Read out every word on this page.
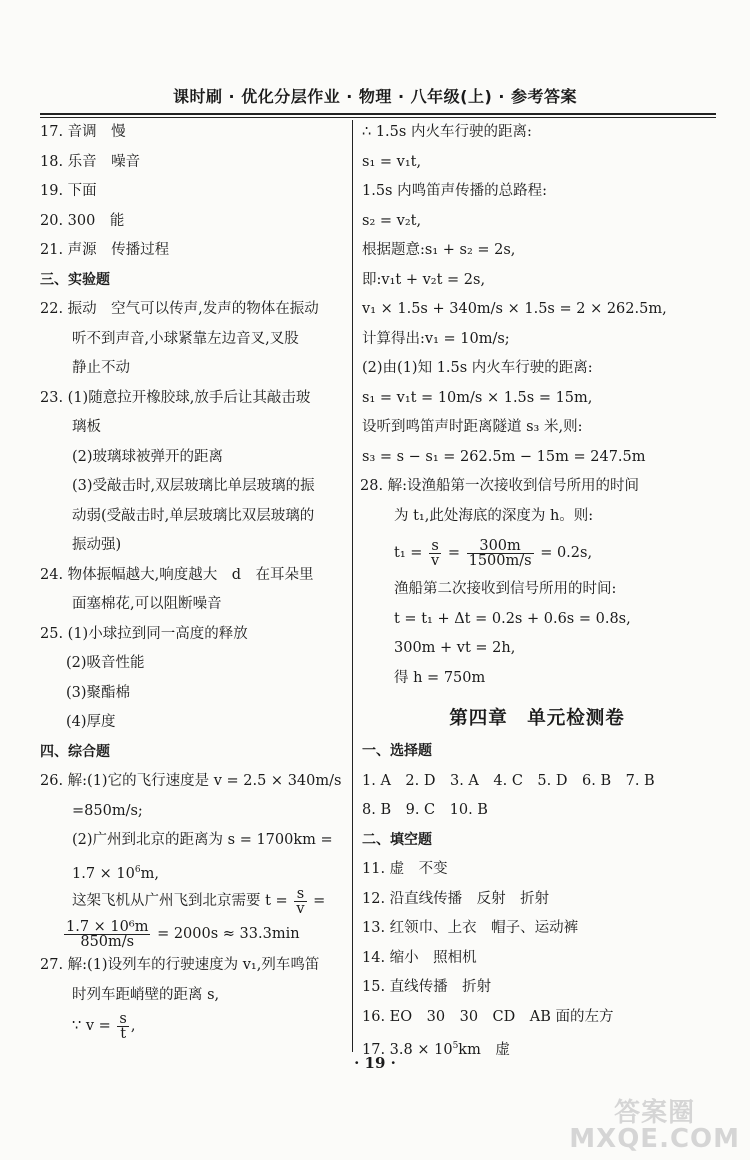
课时刷 · 优化分层作业 · 物理 · 八年级(上) · 参考答案
17. 音调　慢
18. 乐音　噪音
19. 下面
20. 300　能
21. 声源　传播过程
三、实验题
22. 振动　空气可以传声,发声的物体在振动
听不到声音,小球紧靠左边音叉,叉股
静止不动
23. (1)随意拉开橡胶球,放手后让其敲击玻
璃板
(2)玻璃球被弹开的距离
(3)受敲击时,双层玻璃比单层玻璃的振
动弱(受敲击时,单层玻璃比双层玻璃的
振动强)
24. 物体振幅越大,响度越大　d　在耳朵里
面塞棉花,可以阻断噪音
25. (1)小球拉到同一高度的释放
(2)吸音性能
(3)聚酯棉
(4)厚度
四、综合题
26. 解:(1)它的飞行速度是 v = 2.5 × 340m/s
=850m/s;
(2)广州到北京的距离为 s = 1700km =
$1.7 \times 10^6m$,
这架飞机从广州飞到北京需要 $t = \frac{s}{v}$ =
$\frac{\text{1.7 × 10⁶m}}{850m/s} = 2000s \approx 33.3\min$
27. 解:(1)设列车的行驶速度为 v₁,列车鸣笛
时列车距峭壁的距离 s,
∵ $v = \frac{s}{t}$ ,
∴ 1.5s 内火车行驶的距离:
s₁ = v₁t,
1.5s 内鸣笛声传播的总路程:
s₂ = v₂t,
根据题意:s₁ + s₂ = 2s,
即:v₁t + v₂t = 2s,
v₁ × 1.5s + 340m/s × 1.5s = 2 × 262.5m,
计算得出:v₁ = 10m/s;
(2)由(1)知 1.5s 内火车行驶的距离:
s₁ = v₁t = 10m/s × 1.5s = 15m,
设听到鸣笛声时距离隧道 s₃ 米,则:
s₃ = s − s₁ = 262.5m − 15m = 247.5m
28. 解:设渔船第一次接收到信号所用的时间
为 t₁,此处海底的深度为 h。则:
$t_1 = \frac{s}{v} = \frac{300m}{1500m/s} = 0.2s$,
渔船第二次接收到信号所用的时间:
t = t₁ + Δt = 0.2s + 0.6s = 0.8s,
300m + vt = 2h,
得 h = 750m
第四章　单元检测卷
一、选择题
1. A　2. D　3. A　4. C　5. D　6. B　7. B
8. B　9. C　10. B
二、填空题
11. 虚　不变
12. 沿直线传播　反射　折射
13. 红领巾、上衣　帽子、运动裤
14. 缩小　照相机
15. 直线传播　折射
16. EO　30　30　CD　AB 面的左方
17. $3.8 \times 10^5km$　虚
· 19 ·
答案圈
MXQE.COM
